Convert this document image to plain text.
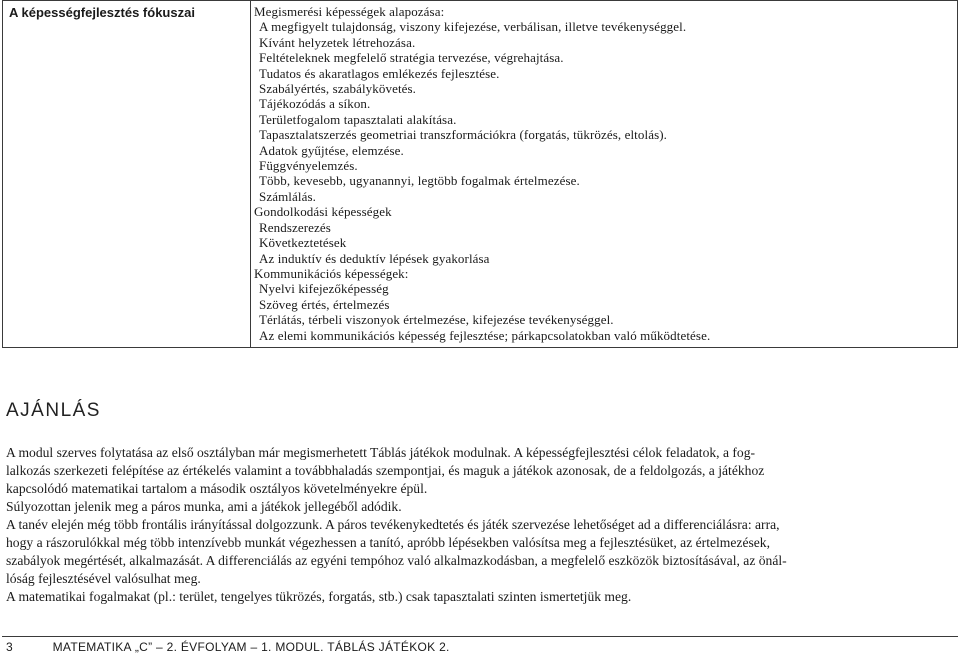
A képességfejlesztés fókuszai	Megismerési képességek alapozása:
A megfigyelt tulajdonság, viszony kifejezése, verbálisan, illetve tevékenységgel.
Kívánt helyzetek létrehozása.
Feltételeknek megfelelő stratégia tervezése, végrehajtása.
Tudatos és akaratlagos emlékezés fejlesztése.
Szabályértés, szabálykövetés.
Tájékozódás a síkon.
Területfogalom tapasztalati alakítása.
Tapasztalatszerzés geometriai transzformációkra (forgatás, tükrözés, eltolás).
Adatok gyűjtése, elemzése.
Függvényelemzés.
Több, kevesebb, ugyanannyi, legtöbb fogalmak értelmezése.
Számlálás.
Gondolkodási képességek
Rendszerezés
Következtetések
Az induktív és deduktív lépések gyakorlása
Kommunikációs képességek:
Nyelvi kifejezőképesség
Szöveg értés, értelmezés
Térlátás, térbeli viszonyok értelmezése, kifejezése tevékenységgel.
Az elemi kommunikációs képesség fejlesztése; párkapcsolatokban való működtetése.
AJÁNLÁS

A modul szerves folytatása az első osztályban már megismerhetett Táblás játékok modulnak. A képességfejlesztési célok feladatok, a fog-

lalkozás szerkezeti felépítése az értékelés valamint a továbbhaladás szempontjai, és maguk a játékok azonosak, de a feldolgozás, a játékhoz

kapcsolódó matematikai tartalom a második osztályos követelményekre épül.

Súlyozottan jelenik meg a páros munka, ami a játékok jellegéből adódik.

A tanév elején még több frontális irányítással dolgozzunk. A páros tevékenykedtetés és játék szervezése lehetőséget ad a differenciálásra: arra,

hogy a rászorulókkal még több intenzívebb munkát végezhessen a tanító, apróbb lépésekben valósítsa meg a fejlesztésüket, az értelmezések,

szabályok megértését, alkalmazását. A differenciálás az egyéni tempóhoz való alkalmazkodásban, a megfelelő eszközök biztosításával, az önál-

lóság fejlesztésével valósulhat meg.

A matematikai fogalmakat (pl.: terület, tengelyes tükrözés, forgatás, stb.) csak tapasztalati szinten ismertetjük meg.

3	MATEMATIKA „C” – 2. ÉVFOLYAM – 1. MODUL. TÁBLÁS JÁTÉKOK 2.
